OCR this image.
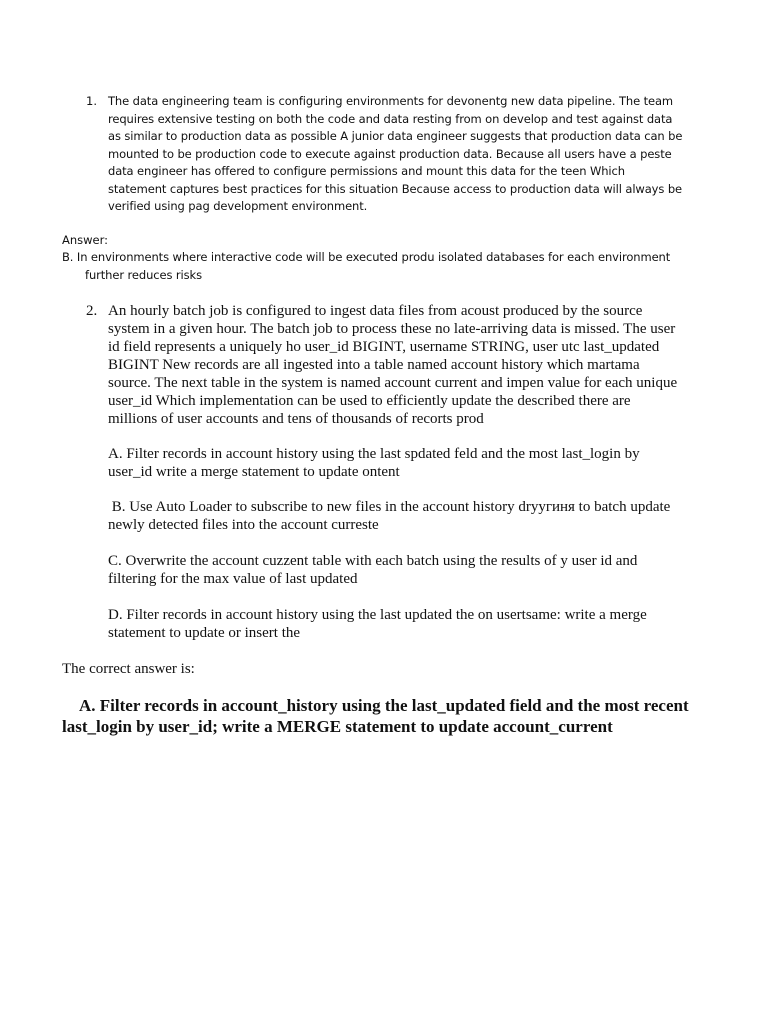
1. The data engineering team is configuring environments for devonentg new data pipeline. The team requires extensive testing on both the code and data resting from on develop and test against data as similar to production data as possible A junior data engineer suggests that production data can be mounted to be production code to execute against production data. Because all users have a peste data engineer has offered to configure permissions and mount this data for the teen Which statement captures best practices for this situation Because access to production data will always be verified using pag development environment.
Answer:
B. In environments where interactive code will be executed produ isolated databases for each environment further reduces risks
2. An hourly batch job is configured to ingest data files from acoust produced by the source system in a given hour. The batch job to process these no late-arriving data is missed. The user id field represents a uniquely ho user_id BIGINT, username STRING, user utc last_updated BIGINT New records are all ingested into a table named account history which martama source. The next table in the system is named account current and impen value for each unique user_id Which implementation can be used to efficiently update the described there are millions of user accounts and tens of thousands of recorts prod
A. Filter records in account history using the last spdated feld and the most last_login by user_id write a merge statement to update ontent
B. Use Auto Loader to subscribe to new files in the account history dryугиня to batch update newly detected files into the account curreste
C. Overwrite the account cuzzent table with each batch using the results of y user id and filtering for the max value of last updated
D. Filter records in account history using the last updated the on usertsame: write a merge statement to update or insert the
The correct answer is:
A. Filter records in account_history using the last_updated field and the most recent last_login by user_id; write a MERGE statement to update account_current
